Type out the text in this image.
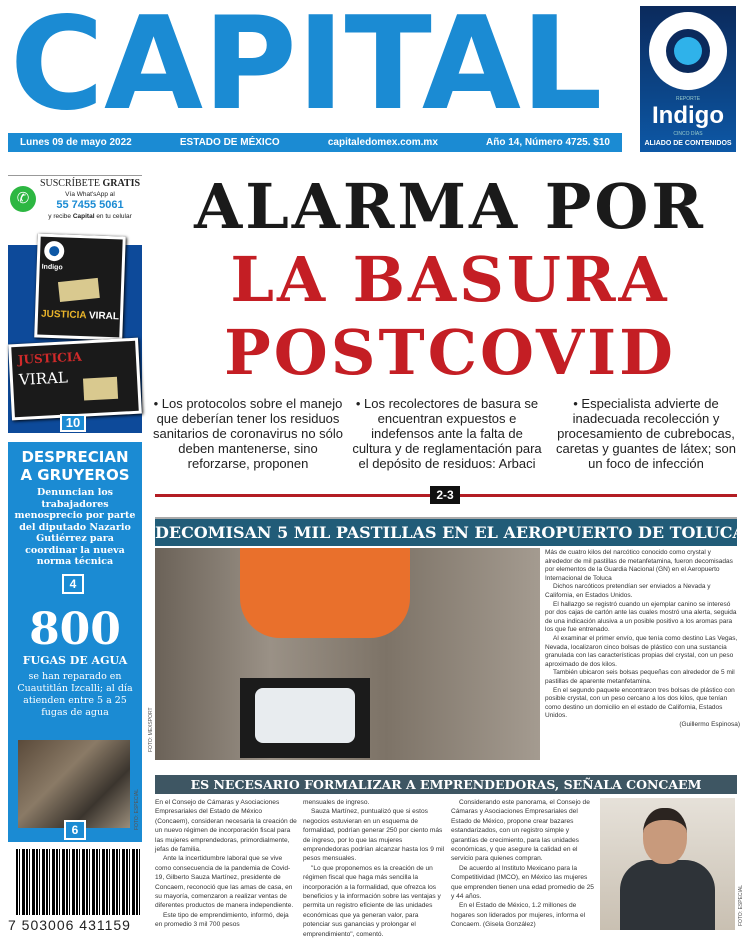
CAPITAL	REPORTE
Indigo
CINCO DÍAS
ALIADO DE CONTENIDOS
Lunes 09 de mayo 2022	ESTADO DE MÉXICO	capitaledomex.com.mx	Año 14, Número 4725. $10
✆
SUSCRÍBETE GRATIS
Vía What'sApp al
55 7455 5061
y recibe Capital en tu celular
Indigo
JUSTICIA VIRAL
JUSTICIA
VIRAL
10
DESPRECIAN
A GRUYEROS

Denuncian los trabajadores menosprecio por parte del diputado Nazario Gutiérrez para coordinar la nueva norma técnica

4
800
FUGAS DE AGUA

se han reparado en Cuautitlán Izcalli; al día atienden entre 5 a 25 fugas de agua

6	FOTO: ESPECIAL
7 503006 431159
ALARMA POR
LA BASURA
POSTCOVID
• Los protocolos sobre el manejo que deberían tener los residuos sanitarios de coronavirus no sólo deben mantenerse, sino reforzarse, proponen
• Los recolectores de basura se encuentran expuestos e indefensos ante la falta de cultura y de reglamentación para el depósito de residuos: Arbaci
• Especialista advierte de inadecuada recolección y procesamiento de cubrebocas, caretas y guantes de látex; son un foco de infección
2-3
DECOMISAN 5 MIL PASTILLAS EN EL AEROPUERTO DE TOLUCA
FOTO: MEXSPORT

Más de cuatro kilos del narcótico conocido como crystal y alrededor de mil pastillas de metanfetamina, fueron decomisadas por elementos de la Guardia Nacional (GN) en el Aeropuerto Internacional de Toluca

Dichos narcóticos pretendían ser enviados a Nevada y California, en Estados Unidos.

El hallazgo se registró cuando un ejemplar canino se interesó por dos cajas de cartón ante las cuales mostró una alerta, seguida de una indicación alusiva a un posible positivo a los aromas para los que fue entrenado.

Al examinar el primer envío, que tenía como destino Las Vegas, Nevada, localizaron cinco bolsas de plástico con una sustancia granulada con las características propias del crystal, con un peso aproximado de dos kilos.

También ubicaron seis bolsas pequeñas con alrededor de 5 mil pastillas de aparente metanfetamina.

En el segundo paquete encontraron tres bolsas de plástico con posible crystal, con un peso cercano a los dos kilos, que tenían como destino un domicilio en el estado de California, Estados Unidos.

(Guillermo Espinosa)

ES NECESARIO FORMALIZAR A EMPRENDEDORAS, SEÑALA CONCAEM

En el Consejo de Cámaras y Asociaciones Empresariales del Estado de México (Concaem), consideran necesaria la creación de un nuevo régimen de incorporación fiscal para las mujeres emprendedoras, primordialmente, jefas de familia.

Ante la incertidumbre laboral que se vive como consecuencia de la pandemia de Covid-19, Gilberto Sauza Martínez, presidente de Concaem, reconoció que las amas de casa, en su mayoría, comenzaron a realizar ventas de diferentes productos de manera independiente.

Este tipo de emprendimiento, informó, deja en promedio 3 mil 700 pesos

mensuales de ingreso.

Sauza Martínez, puntualizó que si estos negocios estuvieran en un esquema de formalidad, podrían generar 250 por ciento más de ingreso, por lo que las mujeres emprendedoras podrían alcanzar hasta los 9 mil pesos mensuales.

"Lo que proponemos es la creación de un régimen fiscal que haga más sencilla la incorporación a la formalidad, que ofrezca los beneficios y la información sobre las ventajas y permita un registro eficiente de las unidades económicas que ya generan valor, para potenciar sus ganancias y prolongar el emprendimiento", comentó.

Considerando este panorama, el Consejo de Cámaras y Asociaciones Empresariales del Estado de México, propone crear bazares estandarizados, con un registro simple y garantías de crecimiento, para las unidades económicas, y que asegure la calidad en el servicio para quienes compran.

De acuerdo al Instituto Mexicano para la Competitividad (IMCO), en México las mujeres que emprenden tienen una edad promedio de 25 y 44 años.

En el Estado de México, 1.2 millones de hogares son liderados por mujeres, informa el Concaem. (Gisela González)	FOTO: ESPECIAL
